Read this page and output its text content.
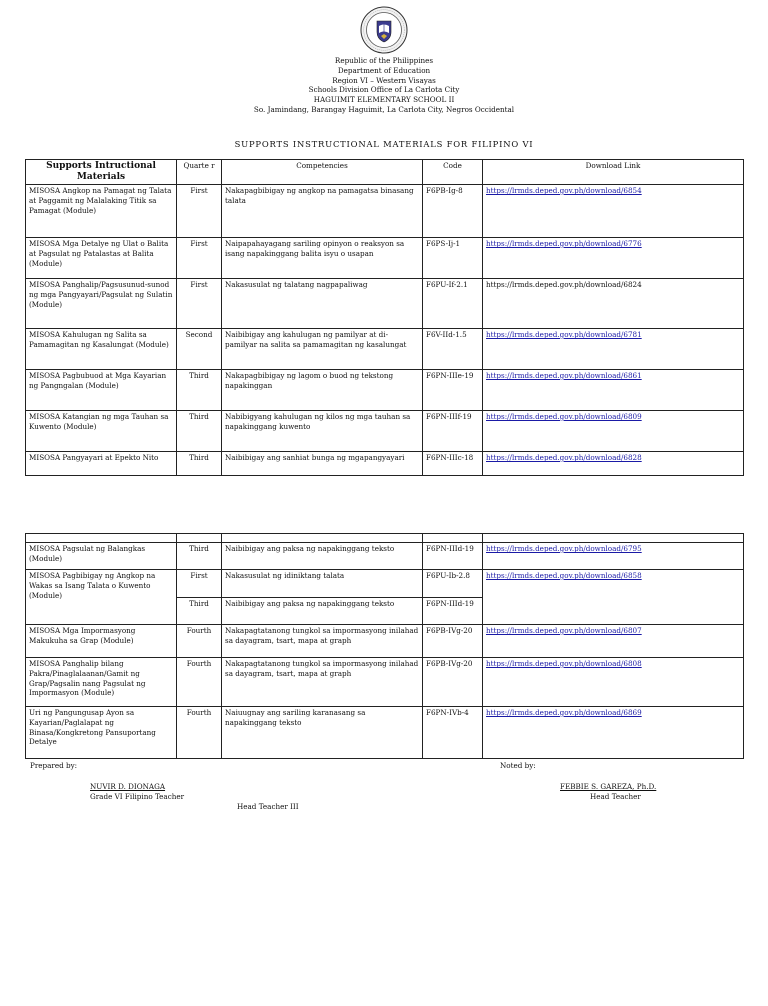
Republic of the Philippines
Department of Education
Region VI – Western Visayas
Schools Division Office of La Carlota City
HAGUIMIT ELEMENTARY SCHOOL II
So. Jamindang, Barangay Haguimit, La Carlota City, Negros Occidental
SUPPORTS INSTRUCTIONAL MATERIALS FOR FILIPINO VI
Supports Intructional Materials	Quarte r	Competencies	Code	Download Link
MISOSA Angkop na Pamagat ng Talata at Paggamit ng Malalaking Titik sa Pamagat (Module)	First	Nakapagbibigay ng angkop na pamagatsa binasang talata	F6PB-Ig-8	https://lrmds.deped.gov.ph/download/6854
MISOSA Mga Detalye ng Ulat o Balita at Pagsulat ng Patalastas at Balita (Module)	First	Naipapahayagang sariling opinyon o reaksyon sa isang napakinggang balita isyu o usapan	F6PS-Ij-1	https://lrmds.deped.gov.ph/download/6776
MISOSA Panghalip/Pagsusunud-sunod ng mga Pangyayari/Pagsulat ng Sulatin (Module)	First	Nakasusulat ng talatang nagpapaliwag	F6PU-If-2.1	https://lrmds.deped.gov.ph/download/6824
MISOSA Kahulugan ng Salita sa Pamamagitan ng Kasalungat (Module)	Second	Naibibigay ang kahulugan ng pamilyar at di-pamilyar na salita sa pamamagitan ng kasalungat	F6V-IId-1.5	https://lrmds.deped.gov.ph/download/6781
MISOSA Pagbubuod at Mga Kayarian ng Pangngalan (Module)	Third	Nakapagbibigay ng lagom o buod ng tekstong napakinggan	F6PN-IIIe-19	https://lrmds.deped.gov.ph/download/6861
MISOSA Katangian ng mga Tauhan sa Kuwento (Module)	Third	Nabibigyang kahulugan ng kilos ng mga tauhan sa napakinggang kuwento	F6PN-IIIf-19	https://lrmds.deped.gov.ph/download/6809
MISOSA Pangyayari at Epekto Nito	Third	Naibibigay ang sanhiat bunga ng mgapangyayari	F6PN-IIIc-18	https://lrmds.deped.gov.ph/download/6828

MISOSA Pagsulat ng Balangkas (Module)	Third	Naibibigay ang paksa ng napakinggang teksto	F6PN-IIId-19	https://lrmds.deped.gov.ph/download/6795
MISOSA Pagbibigay ng Angkop na Wakas sa Isang Talata o Kuwento (Module)	First	Nakasusulat ng idiniktang talata	F6PU-Ib-2.8	https://lrmds.deped.gov.ph/download/6858
	Third	Naibibigay ang paksa ng napakinggang teksto	F6PN-IIId-19	
MISOSA Mga Impormasyong Makukuha sa Grap (Module)	Fourth	Nakapagtatanong tungkol sa impormasyong inilahad sa dayagram, tsart, mapa at graph	F6PB-IVg-20	https://lrmds.deped.gov.ph/download/6807
MISOSA Panghalip bilang Pakra/Pinaglalaanan/Gamit ng Grap/Pagsalin nang Pagsulat ng Impormasyon (Module)	Fourth	Nakapagtatanong tungkol sa impormasyong inilahad sa dayagram, tsart, mapa at graph	F6PB-IVg-20	https://lrmds.deped.gov.ph/download/6808
Uri ng Pangungusap Ayon sa Kayarian/Paglalapat ng Binasa/Kongkretong Pansuportang Detalye	Fourth	Naiuugnay ang sariling karanasang sa napakinggang teksto	F6PN-IVb-4	https://lrmds.deped.gov.ph/download/6869
Prepared by:	Noted by:
NUVIR D. DIONAGA
Grade VI Filipino Teacher
Head Teacher III
FEBBIE S. GAREZA, Ph.D.
Head Teacher
